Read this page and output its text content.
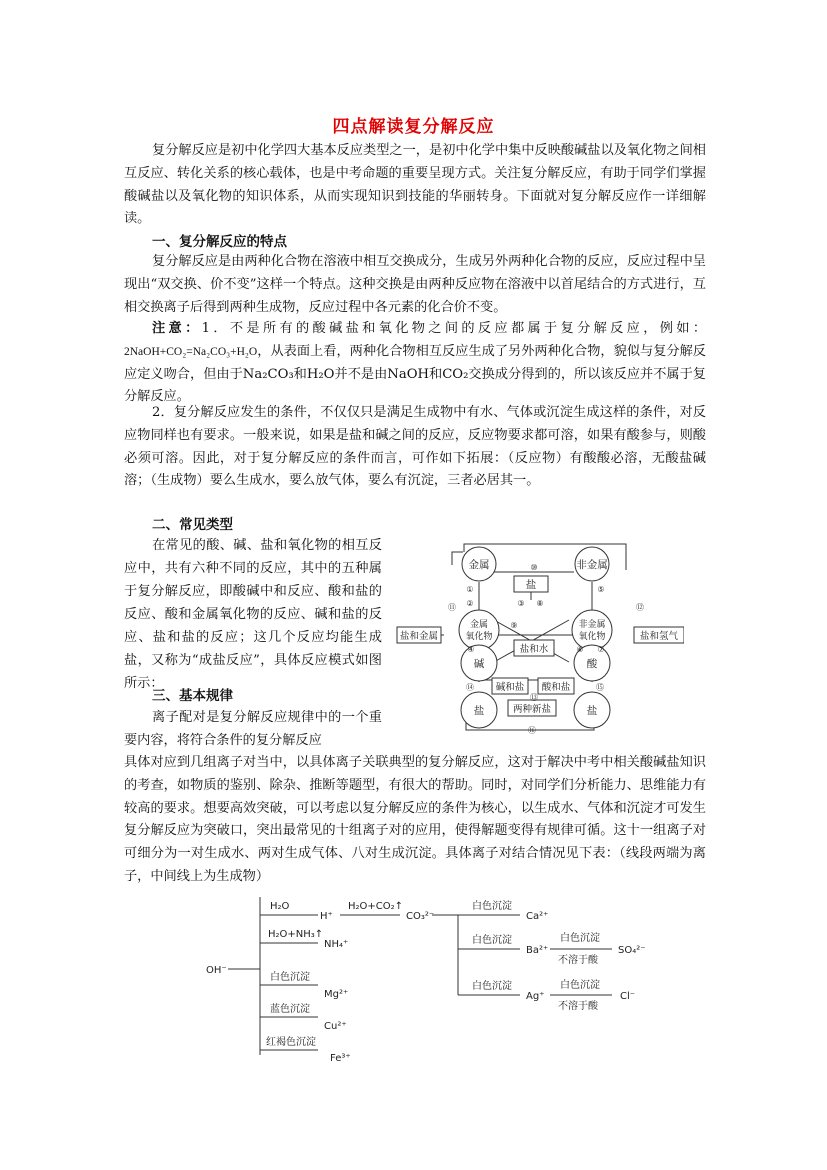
四点解读复分解反应

复分解反应是初中化学四大基本反应类型之一，是初中化学中集中反映酸碱盐以及氧化物之间相互反应、转化关系的核心载体，也是中考命题的重要呈现方式。关注复分解反应，有助于同学们掌握酸碱盐以及氧化物的知识体系，从而实现知识到技能的华丽转身。下面就对复分解反应作一详细解读。

一、复分解反应的特点

复分解反应是由两种化合物在溶液中相互交换成分，生成另外两种化合物的反应，反应过程中呈现出“双交换、价不变”这样一个特点。这种交换是由两种反应物在溶液中以首尾结合的方式进行，互相交换离子后得到两种生成物，反应过程中各元素的化合价不变。

注意：1．不是所有的酸碱盐和氧化物之间的反应都属于复分解反应，例如：2NaOH+CO₂=Na₂CO₃+H₂O，从表面上看，两种化合物相互反应生成了另外两种化合物，貌似与复分解反应定义吻合，但由于Na₂CO₃和H₂O并不是由NaOH和CO₂交换成分得到的，所以该反应并不属于复分解反应。

2．复分解反应发生的条件，不仅仅只是满足生成物中有水、气体或沉淀生成这样的条件，对反应物同样也有要求。一般来说，如果是盐和碱之间的反应，反应物要求都可溶，如果有酸参与，则酸必须可溶。因此，对于复分解反应的条件而言，可作如下拓展：（反应物）有酸酸必溶，无酸盐碱溶；（生成物）要么生成水，要么放气体，要么有沉淀，三者必居其一。

二、常见类型

在常见的酸、碱、盐和氧化物的相互反应中，共有六种不同的反应，其中的五种属于复分解反应，即酸碱中和反应、酸和盐的反应、酸和金属氧化物的反应、碱和盐的反应、盐和盐的反应；这几个反应均能生成盐，又称为“成盐反应”，具体反应模式如图所示：

三、基本规律

离子配对是复分解反应规律中的一个重要内容，将符合条件的复分解反应

具体对应到几组离子对当中，以具体离子关联典型的复分解反应，这对于解决中考中相关酸碱盐知识的考查，如物质的鉴别、除杂、推断等题型，有很大的帮助。同时，对同学们分析能力、思维能力有较高的要求。想要高效突破，可以考虑以复分解反应的条件为核心，以生成水、气体和沉淀才可发生复分解反应为突破口，突出最常见的十组离子对的应用，使得解题变得有规律可循。这十一组离子对可细分为一对生成水、两对生成气体、八对生成沉淀。具体离子对结合情况见下表：（线段两端为离子，中间线上为生成物）

金属	非金属
盐
金属
氧化物
非金属
氧化物
盐和金属	盐和氢气
盐和水
碱	酸
碱和盐 酸和盐
两种新盐
盐	盐
①
②	③
④
⑤
⑥ ⑦
⑧
⑨
⑩
⑪	⑫
⑬
⑭	⑮
⑯
OH⁻
H₂O
H⁺
H₂O+CO₂↑
CO₃²⁻
白色沉淀
Ca²⁺
H₂O+NH₃↑
NH₄⁺	白色沉淀
Ba²⁺
白色沉淀
不溶于酸
SO₄²⁻
白色沉淀
Mg²⁺
白色沉淀
Ag⁺
白色沉淀
不溶于酸
Cl⁻
蓝色沉淀
Cu²⁺
红褐色沉淀
Fe³⁺
